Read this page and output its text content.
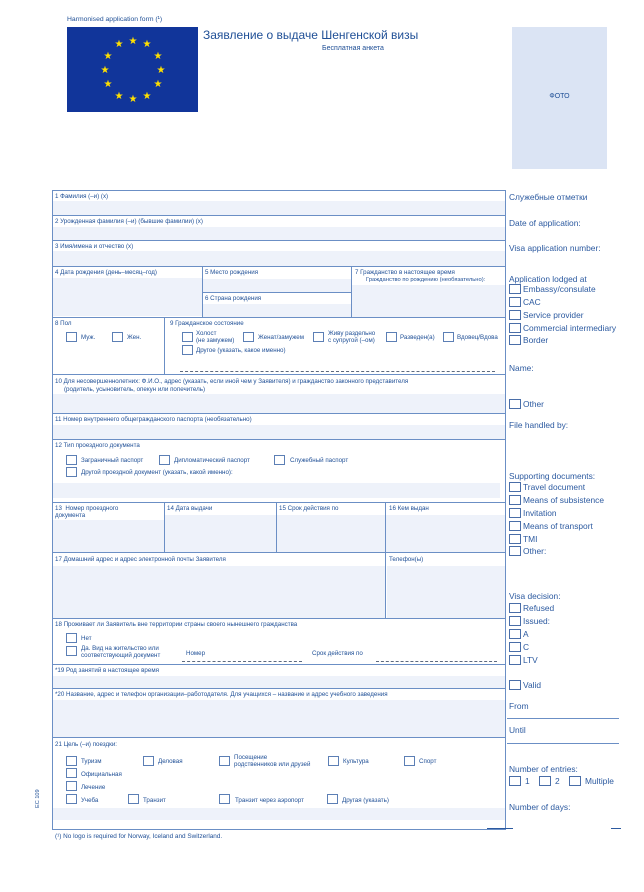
Harmonised application form (¹)
★ ★
★
★
★
★
★
★
★
★
★
★
Заявление о выдаче Шенгенской визы
Бесплатная анкета
ФОТО
1 Фамилия (–и) (x)
2 Урожденная фамилия (–и) (бывшие фамилии) (x)
3 Имя/имена и отчество (x)
4 Дата рождения (день–месяц–год)	5 Место рождения
6 Страна рождения
7 Гражданство в настоящее время
Гражданство по рождению (необязательно):
8 Пол
Муж.	Жен.
9 Гражданское состояние
Холост
(не замужем)	Женат/замужем
Живу раздельно
с супругой (–ом)	Разведен(а)	Вдовец/Вдова
Другое (указать, какое именно)
10 Для несовершеннолетних: Ф.И.О., адрес (указать, если иной чем у Заявителя) и гражданство законного представителя
(родитель, усыновитель, опекун или попечитель)
11 Номер внутреннего общегражданского паспорта (необязательно)
12 Тип проездного документа
Заграничный паспорт	Дипломатический паспорт	Служебный паспорт
Другой проездной документ (указать, какой именно):
13  Номер проездного
документа
14 Дата выдачи	15 Срок действия по	16 Кем выдан
17 Домашний адрес и адрес электронной почты Заявителя	Телефон(ы)
18 Проживает ли Заявитель вне территории страны своего нынешнего гражданства
Нет
Да. Вид на жительство или
соответствующий документ	Номер	Срок действия по
*19 Род занятий в настоящее время
*20 Название, адрес и телефон организации–работодателя. Для учащихся – название и адрес учебного заведения
21 Цель (–и) поездки:
Туризм	Деловая
Посещение
родственников или друзей	Культура	Спорт
Официальная
Лечение
Учеба	Транзит	Транзит через аэропорт	Другая (указать)
Служебные отметки
Date of application:
Visa application number:
Application lodged at
Embassy/consulate
CAC
Service provider
Commercial intermediary
Border
Name:
Other
File handled by:
Supporting documents:
Travel document
Means of subsistence
Invitation
Means of transport
TMI
Other:
Visa decision:
Refused
Issued:
A
C
LTV
Valid
From
Until
Number of entries:
1	2	Multiple
Number of days:
EC 109
(¹) No logo is required for Norway, Iceland and Switzerland.
